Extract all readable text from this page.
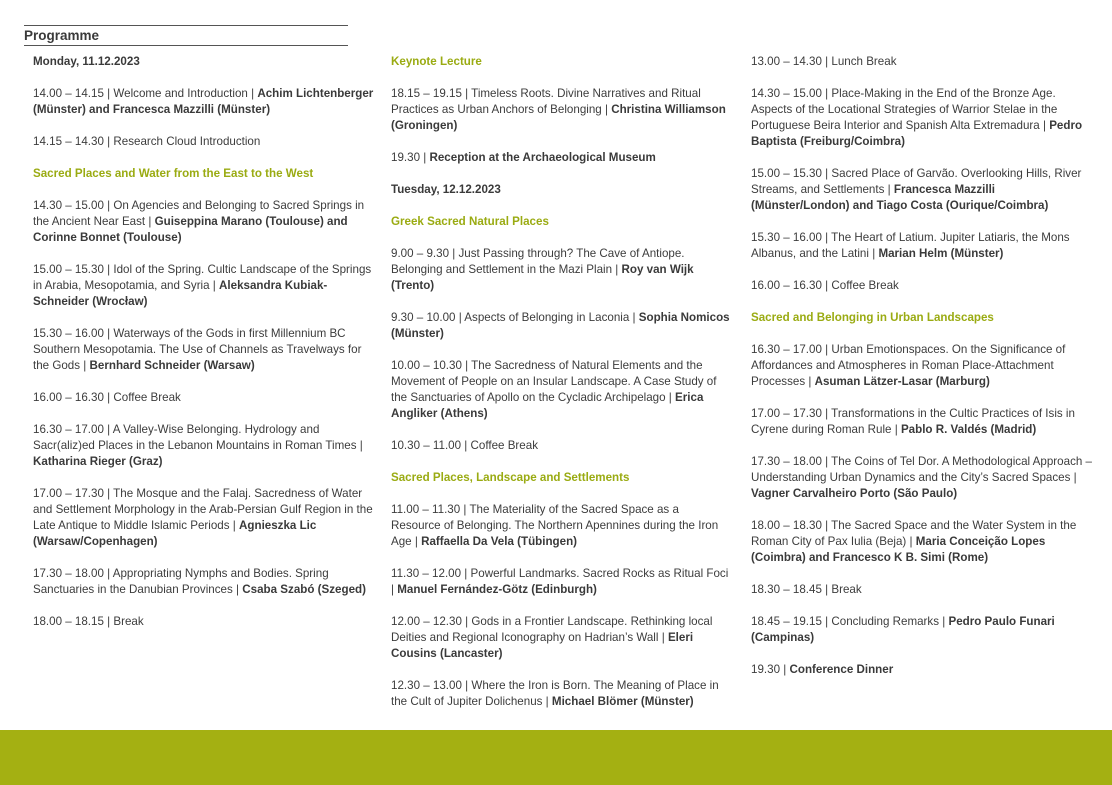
Programme
Monday, 11.12.2023
14.00 – 14.15 | Welcome and Introduction | Achim Lichtenberger (Münster) and Francesca Mazzilli (Münster)
14.15 – 14.30 | Research Cloud Introduction
Sacred Places and Water from the East to the West
14.30 – 15.00 | On Agencies and Belonging to Sacred Springs in the Ancient Near East | Guiseppina Marano (Toulouse) and Corinne Bonnet (Toulouse)
15.00 – 15.30 | Idol of the Spring. Cultic Landscape of the Springs in Arabia, Mesopotamia, and Syria | Aleksandra Kubiak-Schneider (Wrocław)
15.30 – 16.00 | Waterways of the Gods in first Millennium BC Southern Mesopotamia. The Use of Channels as Travelways for the Gods | Bernhard Schneider (Warsaw)
16.00 – 16.30 | Coffee Break
16.30 – 17.00 | A Valley-Wise Belonging. Hydrology and Sacr(aliz)ed Places in the Lebanon Mountains in Roman Times | Katharina Rieger (Graz)
17.00 – 17.30 | The Mosque and the Falaj. Sacredness of Water and Settlement Morphology in the Arab-Persian Gulf Region in the Late Antique to Middle Islamic Periods | Agnieszka Lic (Warsaw/Copenhagen)
17.30 – 18.00 | Appropriating Nymphs and Bodies. Spring Sanctuaries in the Danubian Provinces | Csaba Szabó (Szeged)
18.00 – 18.15 | Break
Keynote Lecture
18.15 – 19.15 | Timeless Roots. Divine Narratives and Ritual Practices as Urban Anchors of Belonging | Christina Williamson (Groningen)
19.30 | Reception at the Archaeological Museum
Tuesday, 12.12.2023
Greek Sacred Natural Places
9.00 – 9.30 | Just Passing through? The Cave of Antiope. Belonging and Settlement in the Mazi Plain | Roy van Wijk (Trento)
9.30 – 10.00 | Aspects of Belonging in Laconia | Sophia Nomicos (Münster)
10.00 – 10.30 | The Sacredness of Natural Elements and the Movement of People on an Insular Landscape. A Case Study of the Sanctuaries of Apollo on the Cycladic Archipelago | Erica Angliker (Athens)
10.30 – 11.00 | Coffee Break
Sacred Places, Landscape and Settlements
11.00 – 11.30 | The Materiality of the Sacred Space as a Resource of Belonging. The Northern Apennines during the Iron Age | Raffaella Da Vela (Tübingen)
11.30 – 12.00 | Powerful Landmarks. Sacred Rocks as Ritual Foci | Manuel Fernández-Götz (Edinburgh)
12.00 – 12.30 | Gods in a Frontier Landscape. Rethinking local Deities and Regional Iconography on Hadrian’s Wall | Eleri Cousins (Lancaster)
12.30 – 13.00 | Where the Iron is Born. The Meaning of Place in the Cult of Jupiter Dolichenus | Michael Blömer (Münster)
13.00 – 14.30 | Lunch Break
14.30 – 15.00 | Place-Making in the End of the Bronze Age. Aspects of the Locational Strategies of Warrior Stelae in the Portuguese Beira Interior and Spanish Alta Extremadura | Pedro Baptista (Freiburg/Coimbra)
15.00 – 15.30 | Sacred Place of Garvão. Overlooking Hills, River Streams, and Settlements | Francesca Mazzilli (Münster/London) and Tiago Costa (Ourique/Coimbra)
15.30 – 16.00 | The Heart of Latium. Jupiter Latiaris, the Mons Albanus, and the Latini | Marian Helm (Münster)
16.00 – 16.30 | Coffee Break
Sacred and Belonging in Urban Landscapes
16.30 – 17.00 | Urban Emotionspaces. On the Significance of Affordances and Atmospheres in Roman Place-Attachment Processes | Asuman Lätzer-Lasar (Marburg)
17.00 – 17.30 | Transformations in the Cultic Practices of Isis in Cyrene during Roman Rule | Pablo R. Valdés (Madrid)
17.30 – 18.00 | The Coins of Tel Dor. A Methodological Approach – Understanding Urban Dynamics and the City’s Sacred Spaces | Vagner Carvalheiro Porto (São Paulo)
18.00 – 18.30 | The Sacred Space and the Water System in the Roman City of Pax Iulia (Beja) | Maria Conceição Lopes (Coimbra) and Francesco K B. Simi (Rome)
18.30 – 18.45 | Break
18.45 – 19.15 | Concluding Remarks | Pedro Paulo Funari (Campinas)
19.30 | Conference Dinner
